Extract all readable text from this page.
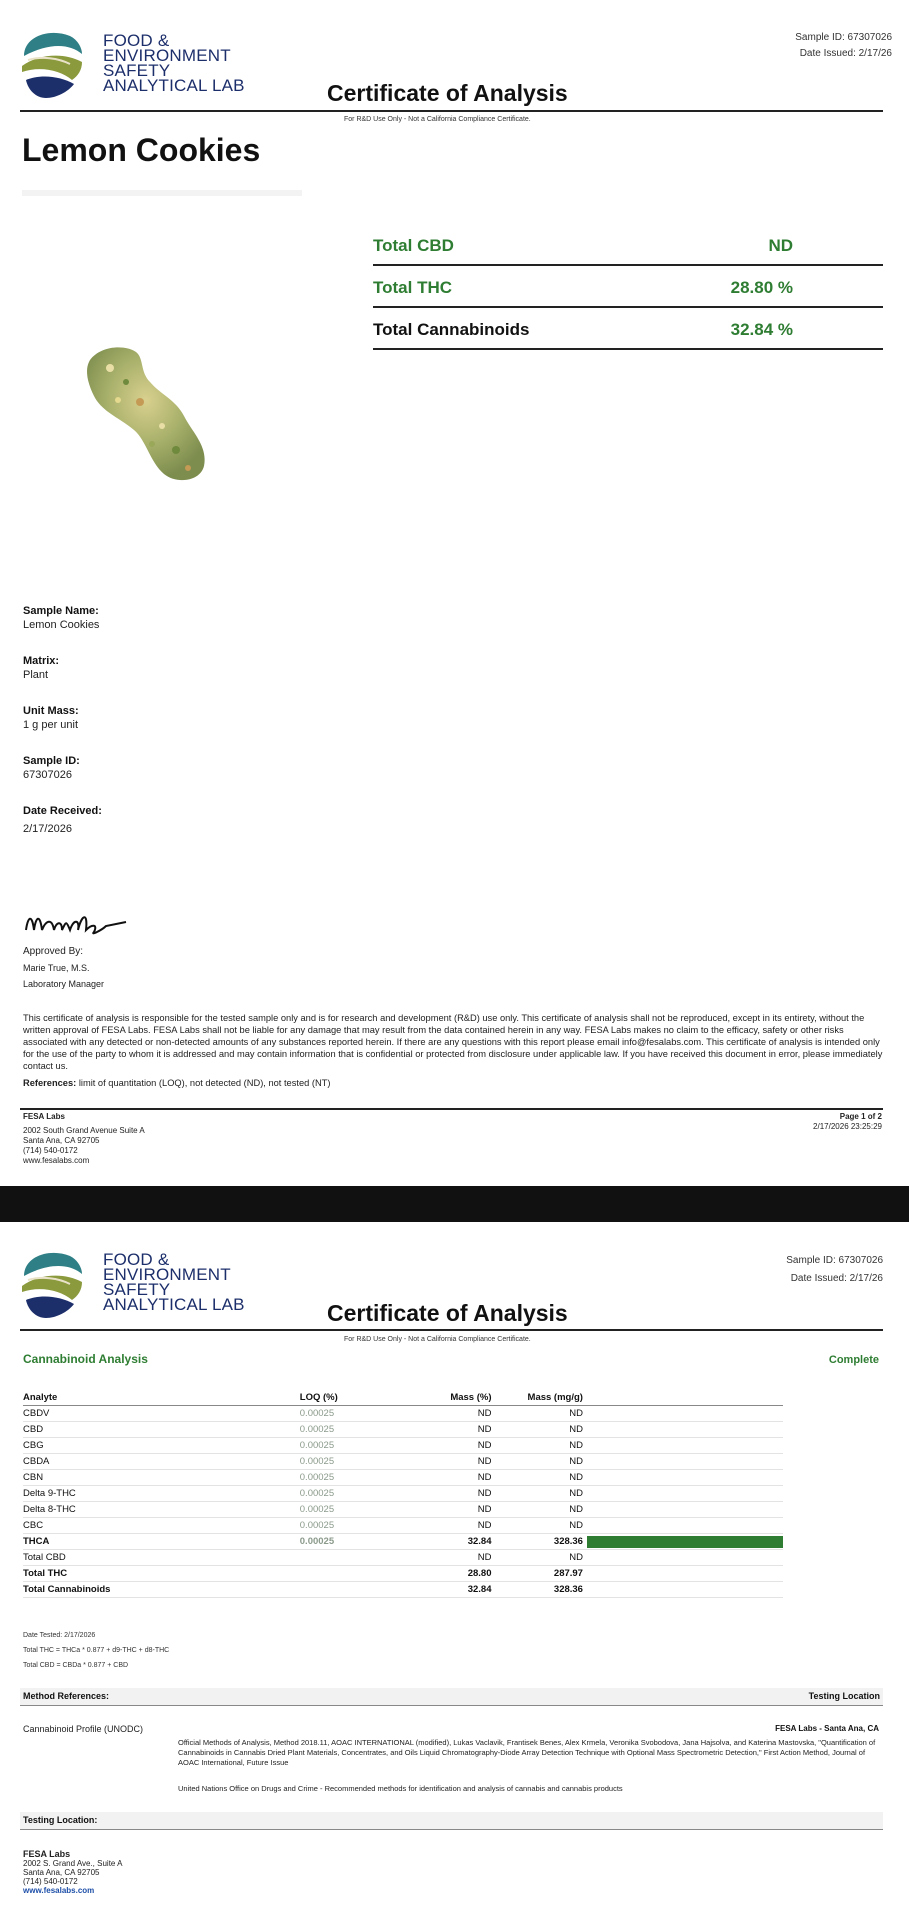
FOOD &
ENVIRONMENT
SAFETY
ANALYTICAL LAB
Sample ID: 67307026
Date Issued: 2/17/26
Certificate of Analysis
For R&D Use Only - Not a California Compliance Certificate.
Lemon Cookies
Total CBD	ND
Total THC	28.80 %
Total Cannabinoids	32.84 %
Sample Name:
Lemon Cookies
Matrix:
Plant
Unit Mass:
1 g per unit
Sample ID:
67307026
Date Received:
2/17/2026
Approved By:
Marie True, M.S.
Laboratory Manager
This certificate of analysis is responsible for the tested sample only and is for research and development (R&D) use only. This certificate of analysis shall not be reproduced, except in its entirety, without the written approval of FESA Labs. FESA Labs shall not be liable for any damage that may result from the data contained herein in any way. FESA Labs makes no claim to the efficacy, safety or other risks associated with any detected or non-detected amounts of any substances reported herein. If there are any questions with this report please email info@fesalabs.com. This certificate of analysis is intended only for the use of the party to whom it is addressed and may contain information that is confidential or protected from disclosure under applicable law. If you have received this document in error, please immediately contact us.
References: limit of quantitation (LOQ), not detected (ND), not tested (NT)
FESA Labs
2002 South Grand Avenue Suite A
Santa Ana, CA 92705
(714) 540-0172
www.fesalabs.com
Page 1 of 2
2/17/2026 23:25:29
FOOD &
ENVIRONMENT
SAFETY
ANALYTICAL LAB
Sample ID: 67307026
Date Issued: 2/17/26
Certificate of Analysis
For R&D Use Only - Not a California Compliance Certificate.
Cannabinoid Analysis	Complete
Analyte	LOQ (%)	Mass (%)	Mass (mg/g)	
CBDV	0.00025	ND	ND	
CBD	0.00025	ND	ND	
CBG	0.00025	ND	ND	
CBDA	0.00025	ND	ND	
CBN	0.00025	ND	ND	
Delta 9-THC	0.00025	ND	ND	
Delta 8-THC	0.00025	ND	ND	
CBC	0.00025	ND	ND	
THCA	0.00025	32.84	328.36	

Total CBD		ND	ND	
Total THC		28.80	287.97	
Total Cannabinoids		32.84	328.36	
Date Tested: 2/17/2026
Total THC = THCa * 0.877 + d9-THC + d8-THC
Total CBD = CBDa * 0.877 + CBD
Method References:	Testing Location
Cannabinoid Profile (UNODC)	FESA Labs - Santa Ana, CA
Official Methods of Analysis, Method 2018.11, AOAC INTERNATIONAL (modified), Lukas Vaclavik, Frantisek Benes, Alex Krmela, Veronika Svobodova, Jana Hajsolva, and Katerina Mastovska, "Quantification of Cannabinoids in Cannabis Dried Plant Materials, Concentrates, and Oils Liquid Chromatography-Diode Array Detection Technique with Optional Mass Spectrometric Detection," First Action Method, Journal of AOAC International, Future Issue
United Nations Office on Drugs and Crime - Recommended methods for identification and analysis of cannabis and cannabis products
Testing Location:
FESA Labs
2002 S. Grand Ave., Suite A
Santa Ana, CA 92705
(714) 540-0172
www.fesalabs.com
